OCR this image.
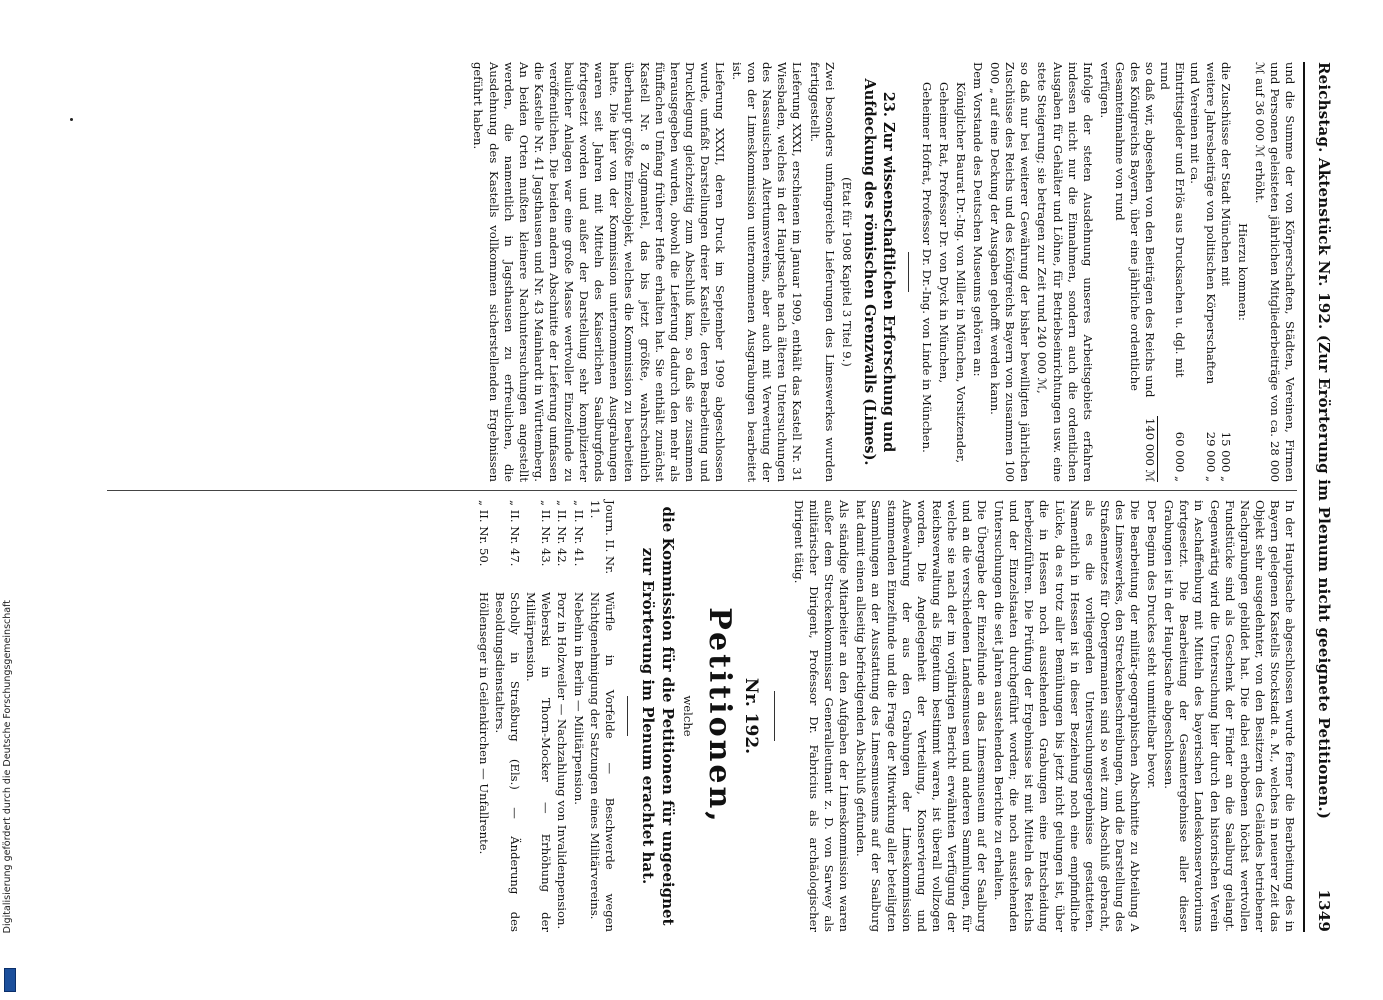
Reichstag. Aktenstück Nr. 192. (Zur Erörterung im Plenum nicht geeignete Petitionen.)
1349

und die Summe der von Körperschaften, Städten, Vereinen, Firmen und Personen geleisteten jährlichen Mitgliederbeiträge von ca. 28 000 ℳ auf 36 000 ℳ erhöht.

Hierzu kommen:

die Zuschüsse der Stadt München mit
15 000 „
weitere Jahresbeiträge von politischen Körperschaften und Vereinen mit ca.
29 000 „
Eintrittsgelder und Erlös aus Drucksachen u. dgl. mit rund
60 000 „
so daß wir, abgesehen von den Beiträgen des Reichs und des Königreichs Bayern, über eine jährliche ordentliche Gesamteinnahme von rund
140 000 ℳ

verfügen.

Infolge der steten Ausdehnung unseres Arbeitsgebiets erfahren indessen nicht nur die Einnahmen, sondern auch die ordentlichen Ausgaben für Gehälter und Löhne, für Betriebseinrichtungen usw. eine stete Steigerung; sie betragen zur Zeit rund 240 000 ℳ,

so daß nur bei weiterer Gewährung der bisher bewilligten jährlichen Zuschüsse des Reichs und des Königreichs Bayern von zusammen 100 000 „ auf eine Deckung der Ausgaben gehofft werden kann.

Dem Vorstande des Deutschen Museums gehören an:

Königlicher Baurat Dr.-Ing. von Miller in München, Vorsitzender,

Geheimer Rat, Professor Dr. von Dyck in München,

Geheimer Hofrat, Professor Dr. Dr.-Ing. von Linde in München.

23. Zur wissenschaftlichen Erforschung und Aufdeckung des römischen Grenzwalls (Limes).

(Etat für 1908 Kapitel 3 Titel 9.)

Zwei besonders umfangreiche Lieferungen des Limeswerkes wurden fertiggestellt.

Lieferung XXXI, erschienen im Januar 1909, enthält das Kastell Nr. 31 Wiesbaden, welches in der Hauptsache nach älteren Untersuchungen des Nassauischen Altertumsvereins, aber auch mit Verwertung der von der Limeskommission unternommenen Ausgrabungen bearbeitet ist.

Lieferung XXXII, deren Druck im September 1909 abgeschlossen wurde, umfaßt Darstellungen dreier Kastelle, deren Bearbeitung und Drucklegung gleichzeitig zum Abschluß kam, so daß sie zusammen herausgegeben wurden, obwohl die Lieferung dadurch den mehr als fünffachen Umfang früherer Hefte erhalten hat. Sie enthält zunächst Kastell Nr. 8 Zugmantel, das bis jetzt größte, wahrscheinlich überhaupt größte Einzelobjekt, welches die Kommission zu bearbeiten hatte. Die hier von der Kommission unternommenen Ausgrabungen waren seit Jahren mit Mitteln des Kaiserlichen Saalburgfonds fortgesetzt worden und außer der Darstellung sehr komplizierter baulicher Anlagen war eine große Masse wertvoller Einzelfunde zu veröffentlichen. Die beiden andern Abschnitte der Lieferung umfassen die Kastelle Nr. 41 Jagsthausen und Nr. 43 Mainhardt in Württemberg. An beiden Orten mußten kleinere Nachuntersuchungen angestellt werden, die namentlich in Jagsthausen zu erfreulichen, die Ausdehnung des Kastells vollkommen sicherstellenden Ergebnissen geführt haben.

In der Hauptsache abgeschlossen wurde ferner die Bearbeitung des in Bayern gelegenen Kastells Stockstadt a. M., welches in neuerer Zeit das Objekt sehr ausgedehnter, von den Besitzern des Geländes betriebener Nachgrabungen gebildet hat. Die dabei erhobenen höchst wertvollen Fundstücke sind als Geschenk der Finder an die Saalburg gelangt. Gegenwärtig wird die Untersuchung hier durch den historischen Verein in Aschaffenburg mit Mitteln des bayerischen Landeskonservatoriums fortgesetzt. Die Bearbeitung der Gesamtergebnisse aller dieser Grabungen ist in der Hauptsache abgeschlossen.

Der Beginn des Druckes steht unmittelbar bevor.

Die Bearbeitung der militär-geographischen Abschnitte zu Abteilung A des Limeswerkes, den Streckenbeschreibungen, und die Darstellung des Straßennetzes für Obergermanien sind so weit zum Abschluß gebracht, als es die vorliegenden Untersuchungsergebnisse gestatteten. Namentlich in Hessen ist in dieser Beziehung noch eine empfindliche Lücke, da es trotz aller Bemühungen bis jetzt nicht gelungen ist, über die in Hessen noch ausstehenden Grabungen eine Entscheidung herbeizuführen. Die Prüfung der Ergebnisse ist mit Mitteln des Reichs und der Einzelstaaten durchgeführt worden; die noch ausstehenden Untersuchungen die seit Jahren ausstehenden Berichte zu erhalten.

Die Übergabe der Einzelfunde an das Limesmuseum auf der Saalburg und an die verschiedenen Landesmuseen und anderen Sammlungen, für welche sie nach der im vorjährigen Bericht erwähnten Verfügung der Reichsverwaltung als Eigentum bestimmt waren, ist überall vollzogen worden. Die Angelegenheit der Verteilung, Konservierung und Aufbewahrung der aus den Grabungen der Limeskommission stammenden Einzelfunde und die Frage der Mitwirkung aller beteiligten Sammlungen an der Ausstattung des Limesmuseums auf der Saalburg hat damit einen allseitig befriedigenden Abschluß gefunden.

Als ständige Mitarbeiter an den Aufgaben der Limeskommission waren außer dem Streckenkommissar Generalleutnant z. D. von Sarwey als militärischer Dirigent, Professor Dr. Fabricius als archäologischer Dirigent tätig.

Nr. 192.
Petitionen,

welche

die Kommission für die Petitionen für ungeeignet zur Erörterung im Plenum erachtet hat.
Journ. II. Nr. 11.
Würfle in Vorfelde — Beschwerde wegen Nichtgenehmigung der Satzungen eines Militärvereins.
„ II. Nr. 41.
Nebehin in Berlin — Militärpension.
„ II. Nr. 42.
Porz in Holzweiler — Nachzahlung von Invalidenpension.
„ II. Nr. 43.
Weberski in Thorn-Mocker — Erhöhung der Militärpension.
„ II. Nr. 47.
Scholly in Straßburg (Els.) — Änderung des Besoldungsdienstalters.
„ II. Nr. 50.
Höllenseger in Geilenkirchen — Unfallrente.
Digitalisierung gefördert durch die Deutsche Forschungsgemeinschaft
